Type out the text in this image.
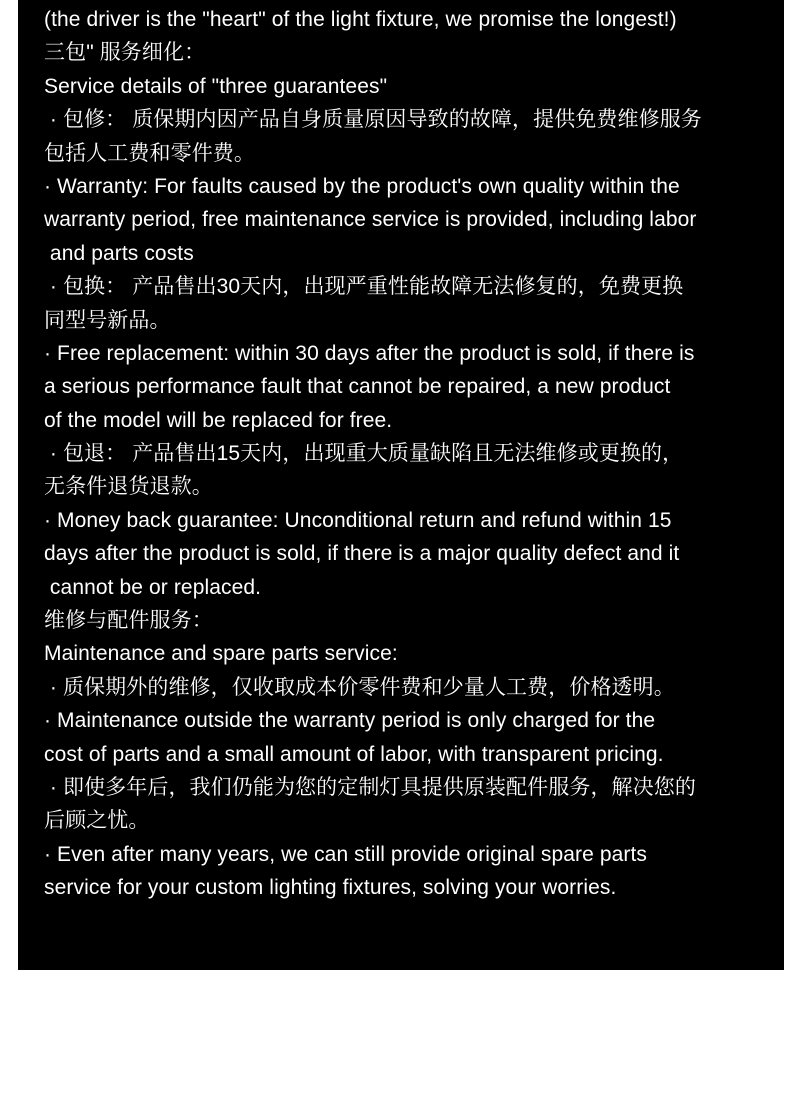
(the driver is the "heart" of the light fixture, we promise the longest!)
三包" 服务细化：
Service details of "three guarantees"
· 包修： 质保期内因产品自身质量原因导致的故障，提供免费维修服务
包括人工费和零件费。
· Warranty: For faults caused by the product's own quality within the
warranty period, free maintenance service is provided, including labor
and parts costs
· 包换： 产品售出30天内，出现严重性能故障无法修复的，免费更换
同型号新品。
· Free replacement: within 30 days after the product is sold, if there is
a serious performance fault that cannot be repaired, a new product
of the model will be replaced for free.
· 包退： 产品售出15天内，出现重大质量缺陷且无法维修或更换的，
无条件退货退款。
· Money back guarantee: Unconditional return and refund within 15
days after the product is sold, if there is a major quality defect and it
cannot be or replaced.
维修与配件服务：
Maintenance and spare parts service:
· 质保期外的维修，仅收取成本价零件费和少量人工费，价格透明。
· Maintenance outside the warranty period is only charged for the
cost of parts and a small amount of labor, with transparent pricing.
· 即使多年后，我们仍能为您的定制灯具提供原装配件服务，解决您的
后顾之忧。
· Even after many years, we can still provide original spare parts
service for your custom lighting fixtures, solving your worries.
